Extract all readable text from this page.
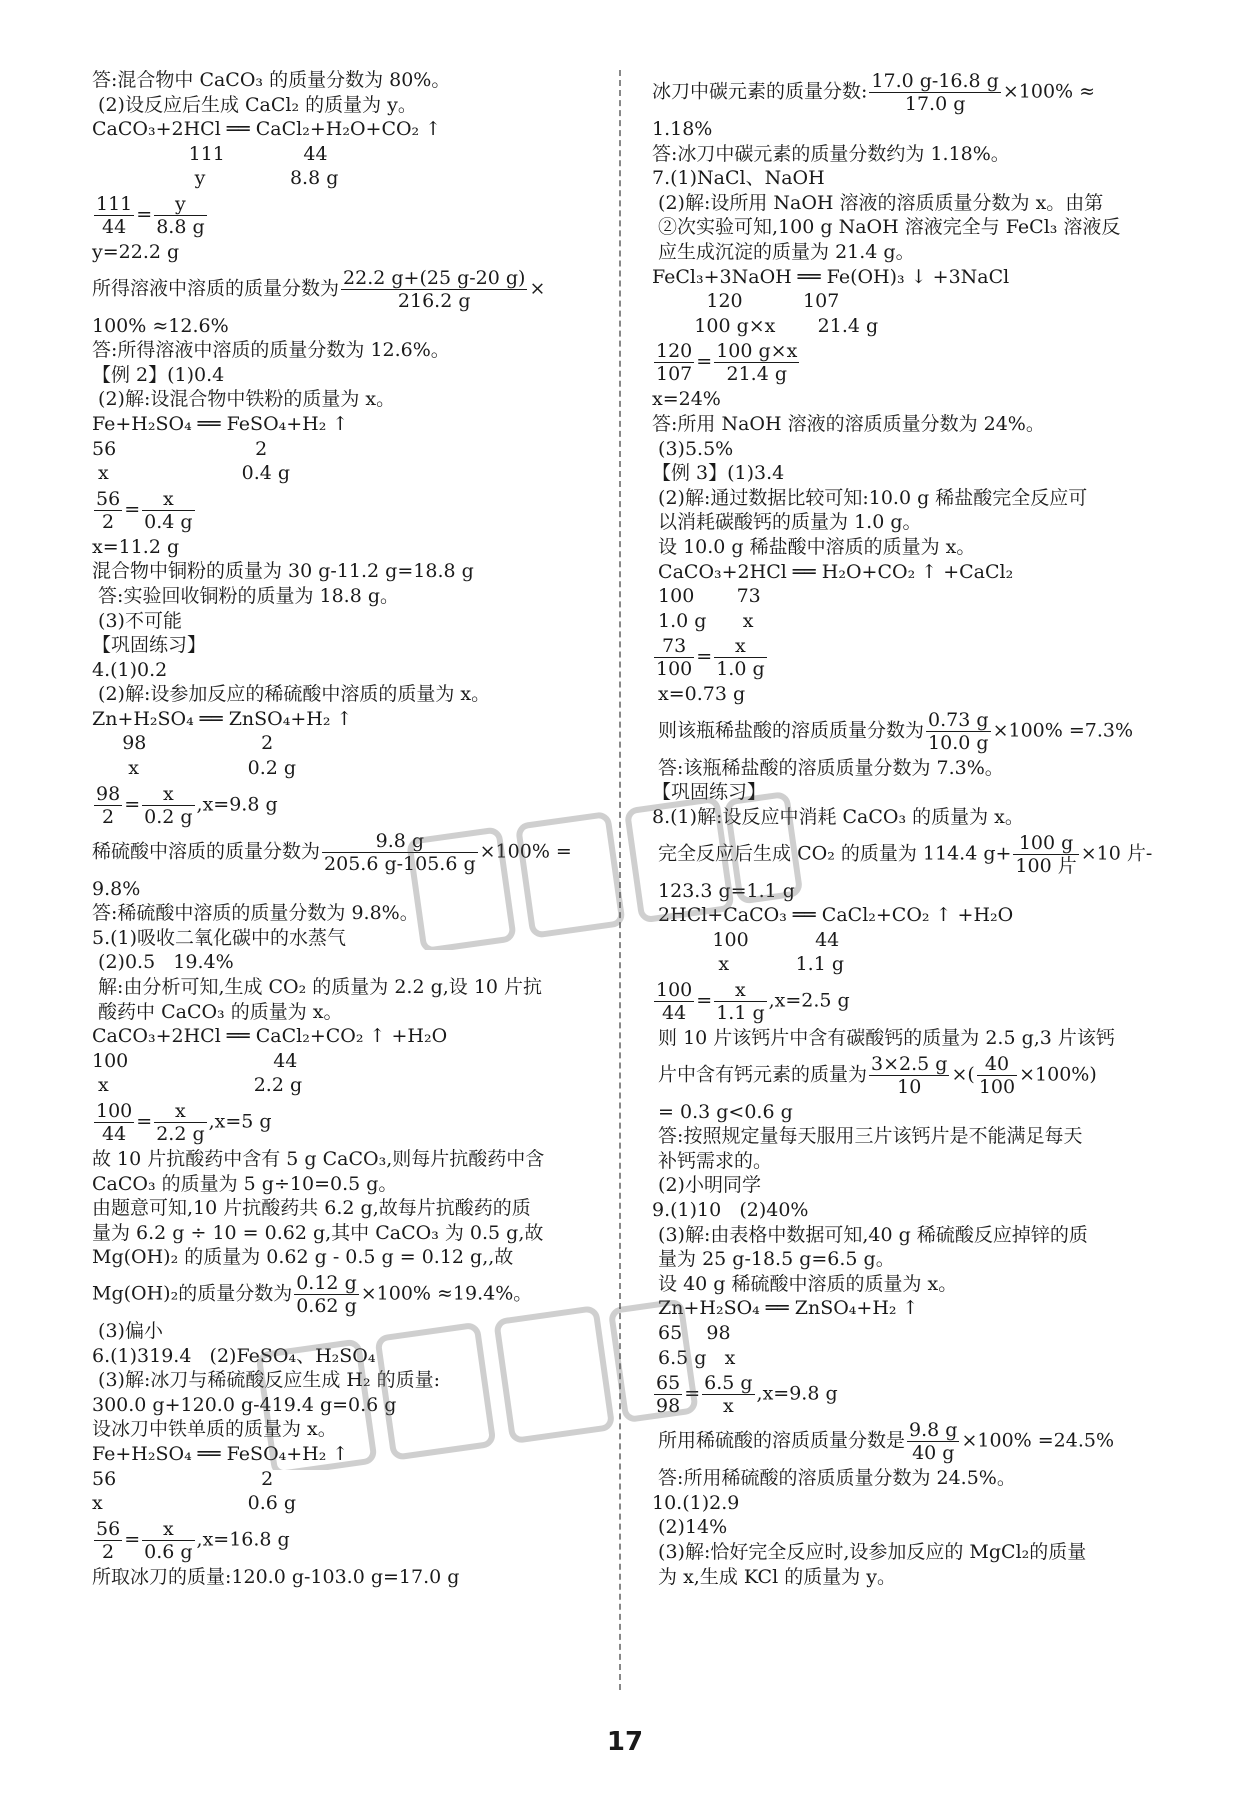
答:混合物中 CaCO₃ 的质量分数为 80%。
(2)设反应后生成 CaCl₂ 的质量为 y。
CaCO₃+2HCl ══ CaCl₂+H₂O+CO₂ ↑
111             44
y              8.8 g
$\frac{111}{44} = \frac{y}{8.8 g}$
y=22.2 g
所得溶液中溶质的质量分数为 $\frac{22.2 g+(25 g-20 g)}{216.2 g}$ ×
100% ≈12.6%
答:所得溶液中溶质的质量分数为 12.6%。
【例 2】(1)0.4
(2)解:设混合物中铁粉的质量为 x。
Fe+H₂SO₄ ══ FeSO₄+H₂ ↑
56                       2
x                      0.4 g
$\frac{56}{2} = \frac{x}{0.4 g}$
x=11.2 g
混合物中铜粉的质量为 30 g-11.2 g=18.8 g
答:实验回收铜粉的质量为 18.8 g。
(3)不可能
【巩固练习】
4.(1)0.2
(2)解:设参加反应的稀硫酸中溶质的质量为 x。
Zn+H₂SO₄ ══ ZnSO₄+H₂ ↑
98                   2
x                  0.2 g
$\frac{98}{2} = \frac{x}{0.2 g} ,x=9.8$ g
稀硫酸中溶质的质量分数为 $\frac{9.8 g}{205.6 g-105.6 g} \times 100\%$ =
9.8%
答:稀硫酸中溶质的质量分数为 9.8%。
5.(1)吸收二氧化碳中的水蒸气
(2)0.5   19.4%
解:由分析可知,生成 CO₂ 的质量为 2.2 g,设 10 片抗
酸药中 CaCO₃ 的质量为 x。
CaCO₃+2HCl ══ CaCl₂+CO₂ ↑ +H₂O
100                        44
x                        2.2 g
$\frac{100}{44} = \frac{x}{2.2 g} ,x=5$ g
故 10 片抗酸药中含有 5 g CaCO₃,则每片抗酸药中含
CaCO₃ 的质量为 5 g÷10=0.5 g。
由题意可知,10 片抗酸药共 6.2 g,故每片抗酸药的质
量为 6.2 g ÷ 10 = 0.62 g,其中 CaCO₃ 为 0.5 g,故
Mg(OH)₂ 的质量为 0.62 g - 0.5 g = 0.12 g,,故
Mg(OH)₂的质量分数为 $\frac{0.12 g}{0.62 g} \times 100\% \approx 19.4\%$。
(3)偏小
6.(1)319.4   (2)FeSO₄、H₂SO₄
(3)解:冰刀与稀硫酸反应生成 H₂ 的质量:
300.0 g+120.0 g-419.4 g=0.6 g
设冰刀中铁单质的质量为 x。
Fe+H₂SO₄ ══ FeSO₄+H₂ ↑
56                        2
x                        0.6 g
$\frac{56}{2} = \frac{x}{0.6 g} ,x=16.8$ g
所取冰刀的质量:120.0 g-103.0 g=17.0 g
冰刀中碳元素的质量分数: $\frac{17.0 g-16.8 g}{17.0 g} \times 100\%$ ≈
1.18%
答:冰刀中碳元素的质量分数约为 1.18%。
7.(1)NaCl、NaOH
(2)解:设所用 NaOH 溶液的溶质质量分数为 x。由第
②次实验可知,100 g NaOH 溶液完全与 FeCl₃ 溶液反
应生成沉淀的质量为 21.4 g。
FeCl₃+3NaOH ══ Fe(OH)₃ ↓ +3NaCl
120          107
100 g×x       21.4 g
$\frac{120}{107} = \frac{100 g\times x}{21.4 g}$
x=24%
答:所用 NaOH 溶液的溶质质量分数为 24%。
(3)5.5%
【例 3】(1)3.4
(2)解:通过数据比较可知:10.0 g 稀盐酸完全反应可
以消耗碳酸钙的质量为 1.0 g。
设 10.0 g 稀盐酸中溶质的质量为 x。
CaCO₃+2HCl ══ H₂O+CO₂ ↑ +CaCl₂
100       73
1.0 g      x
$\frac{73}{100} = \frac{x}{1.0 g}$
x=0.73 g
则该瓶稀盐酸的溶质质量分数为 $\frac{0.73 g}{10.0 g} \times 100\% =7.3\%$
答:该瓶稀盐酸的溶质质量分数为 7.3%。
【巩固练习】
8.(1)解:设反应中消耗 CaCO₃ 的质量为 x。
完全反应后生成 CO₂ 的质量为 114.4 $g+ \frac{100 g}{\text{100 片}} \times 10$ 片-
123.3 g=1.1 g
2HCl+CaCO₃ ══ CaCl₂+CO₂ ↑ +H₂O
100           44
x           1.1 g
$\frac{100}{44} = \frac{x}{1.1 g} ,x=2.5$ g
则 10 片该钙片中含有碳酸钙的质量为 2.5 g,3 片该钙
片中含有钙元素的质量为 $\frac{3\times 2.5 g}{10}$ ×( $\frac{40}{100} \times 100\%$)
= 0.3 g<0.6 g
答:按照规定量每天服用三片该钙片是不能满足每天
补钙需求的。
(2)小明同学
9.(1)10   (2)40%
(3)解:由表格中数据可知,40 g 稀硫酸反应掉锌的质
量为 25 g-18.5 g=6.5 g。
设 40 g 稀硫酸中溶质的质量为 x。
Zn+H₂SO₄ ══ ZnSO₄+H₂ ↑
65    98
6.5 g   x
$\frac{65}{98} = \frac{6.5 g}{x} ,x=9.8$ g
所用稀硫酸的溶质质量分数是 $\frac{9.8 g}{40 g} \times 100\% =24.5\%$
答:所用稀硫酸的溶质质量分数为 24.5%。
10.(1)2.9
(2)14%
(3)解:恰好完全反应时,设参加反应的 MgCl₂的质量
为 x,生成 KCl 的质量为 y。
17
